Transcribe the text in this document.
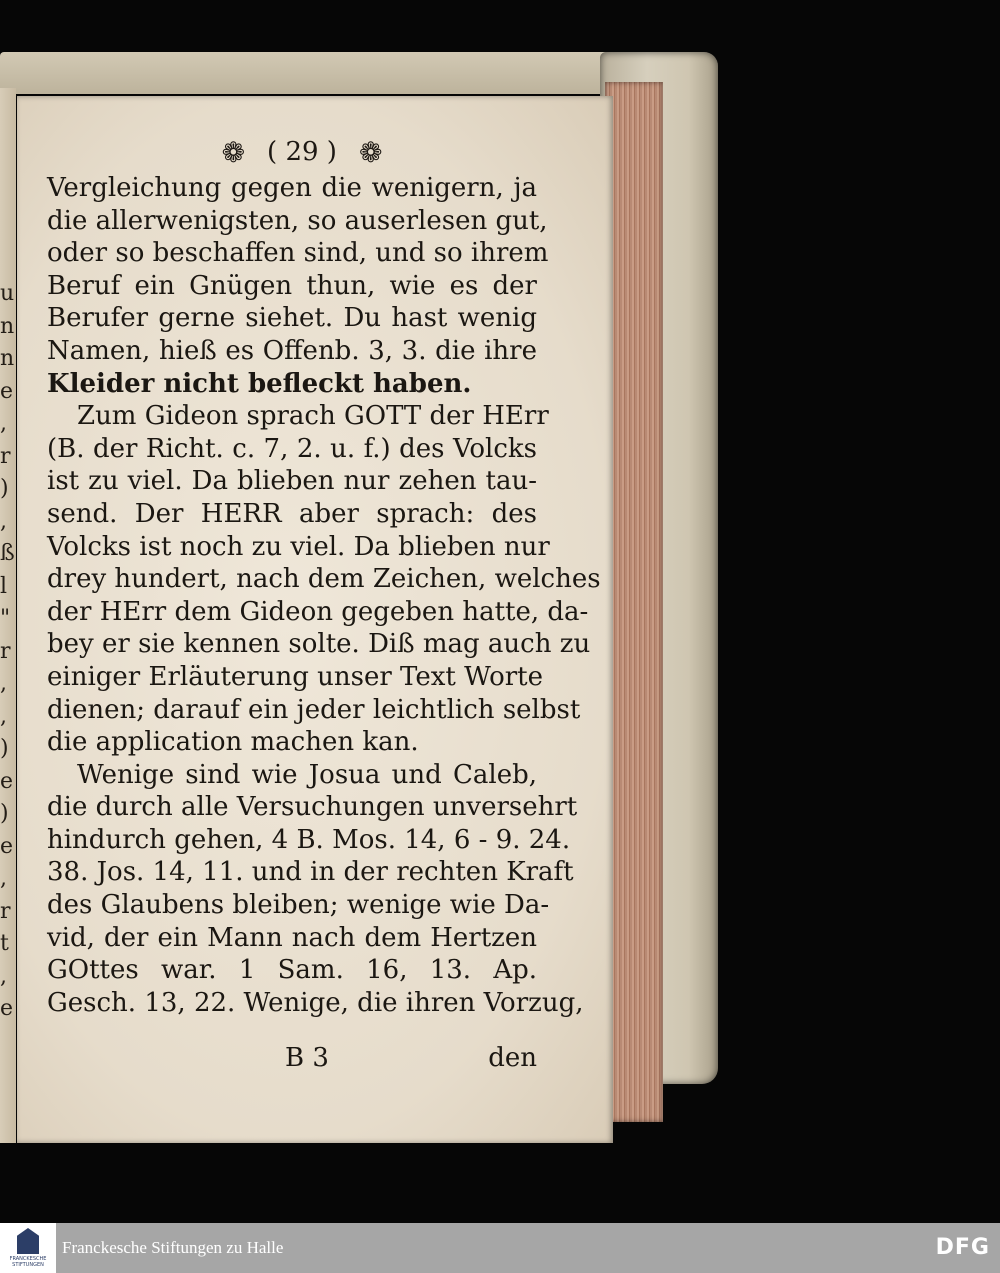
u
n
n
e
,
r
)
,
ß
l
"
r
,
,
)
e
)
e
,
r
t
,
e
❁ ( 29 ) ❁
Vergleichung gegen die wenigern, ja
die allerwenigsten, so auserlesen gut,
oder so beschaffen sind, und so ihrem
Beruf ein Gnügen thun, wie es der
Berufer gerne siehet. Du hast wenig
Namen, hieß es Offenb. 3, 3. die ihre
Kleider nicht befleckt haben.
Zum Gideon sprach GOTT der HErr
(B. der Richt. c. 7, 2. u. f.) des Volcks
ist zu viel. Da blieben nur zehen tau-
send. Der HERR aber sprach: des
Volcks ist noch zu viel. Da blieben nur
drey hundert, nach dem Zeichen, welches
der HErr dem Gideon gegeben hatte, da-
bey er sie kennen solte. Diß mag auch zu
einiger Erläuterung unser Text Worte
dienen; darauf ein jeder leichtlich selbst
die application machen kan.
Wenige sind wie Josua und Caleb,
die durch alle Versuchungen unversehrt
hindurch gehen, 4 B. Mos. 14, 6 - 9. 24.
38. Jos. 14, 11. und in der rechten Kraft
des Glaubens bleiben; wenige wie Da-
vid, der ein Mann nach dem Hertzen
GOttes war. 1 Sam. 16, 13. Ap.
Gesch. 13, 22. Wenige, die ihren Vorzug,
B 3	den
FRANCKESCHE STIFTUNGEN
Franckesche Stiftungen zu Halle	DFG
